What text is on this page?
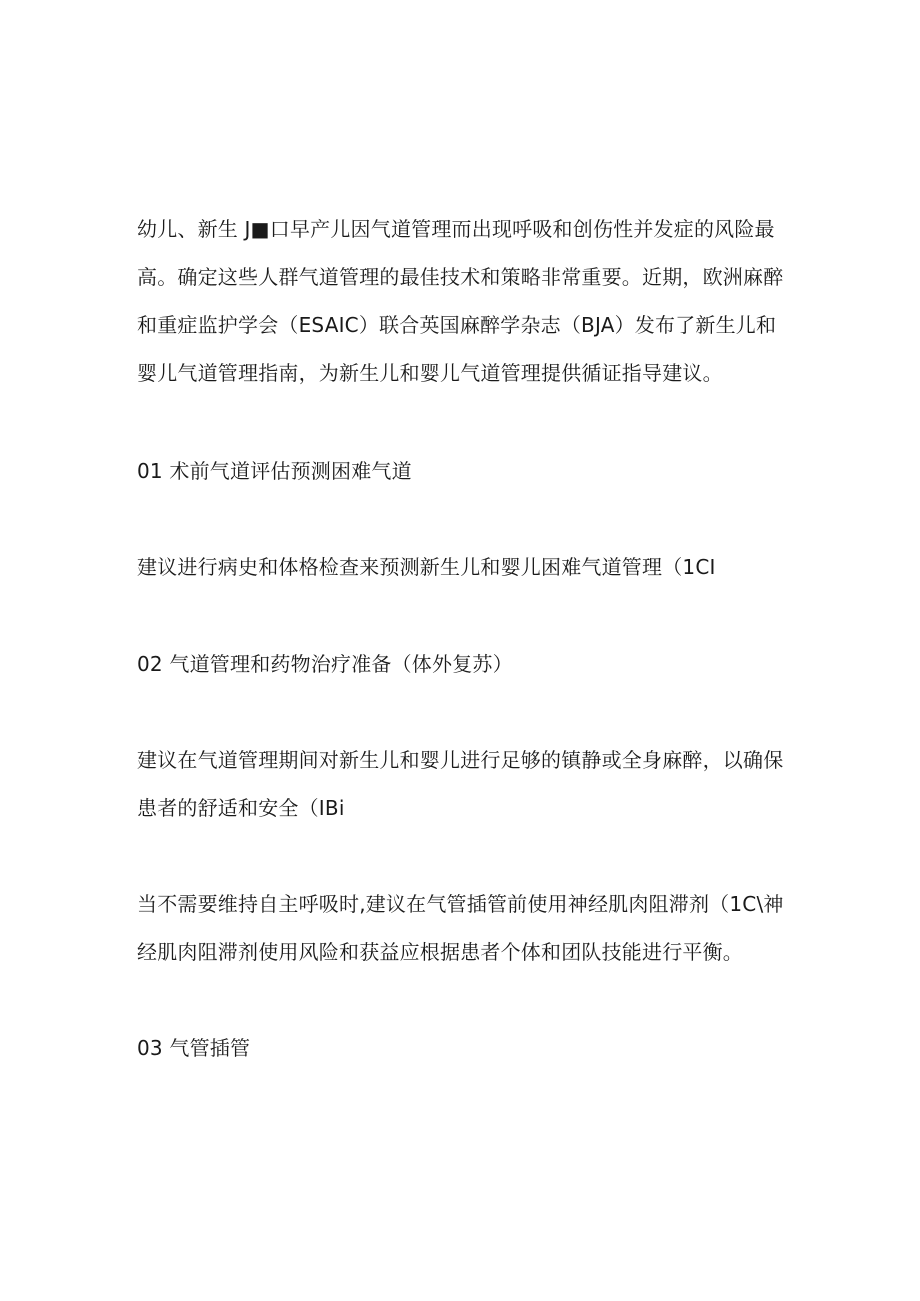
幼儿、新生 J■口早产儿因气道管理而出现呼吸和创伤性并发症的风险最
高。确定这些人群气道管理的最佳技术和策略非常重要。近期，欧洲麻醉
和重症监护学会（ESAIC）联合英国麻醉学杂志（BJA）发布了新生儿和
婴儿气道管理指南，为新生儿和婴儿气道管理提供循证指导建议。

01 术前气道评估预测困难气道

建议进行病史和体格检查来预测新生儿和婴儿困难气道管理（1CI

02 气道管理和药物治疗准备（体外复苏）

建议在气道管理期间对新生儿和婴儿进行足够的镇静或全身麻醉，以确保
患者的舒适和安全（IBi

当不需要维持自主呼吸时,建议在气管插管前使用神经肌肉阻滞剂（1C\神
经肌肉阻滞剂使用风险和获益应根据患者个体和团队技能进行平衡。

03 气管插管
